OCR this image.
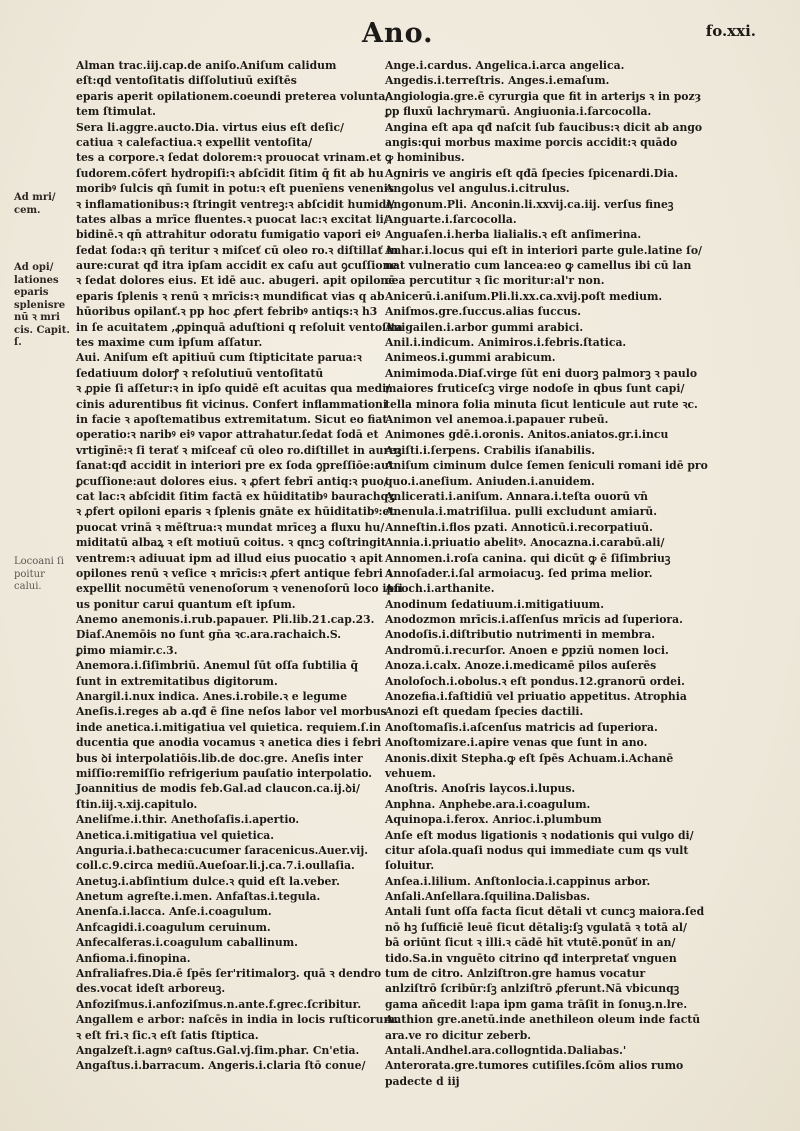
Ano.	fo.xxi.
Ad mri/ cem.
Ad opi/ lationes eparis splenisre nū ꝛ mri cis. Capit. ſ.
Locoani ſi poitur calui.
Alman trac.iij.cap.de aniſo.Aniſum calidum
eſt:qd ventoſitatis diſſolutiuū exiſtēs
eparis aperit opilationem.coeundi preterea volunta/
tem ſtimulat.
Sera li.aggre.aucto.Dia. virtus eius eſt deſic/
catiua ꝛ calefactiua.ꝛ expellit ventoſita/
tes a corpore.ꝛ ſedat dolorem:ꝛ prouocat vrinam.et
ſudorem.cōfert hydropiſi:ꝛ abſcīdit ſitim q̄ fit ab hu
moribꝰ ſulcis qn̄ ſumit in potu:ꝛ eſt puenīens venenis
ꝛ inflamationibus:ꝛ ſtringit ventreꝫ:ꝛ abſcidit humidi/
tates albas a mrīce fluentes.ꝛ puocat lac:ꝛ excitat li/
bidinē.ꝛ qn̄ attrahitur odoratu fumigatio vapori eiꝰ
ſedat ſoda:ꝛ qn̄ teritur ꝛ miſceť cū oleo ro.ꝛ diſtillať in
aure:curat qđ itra ipſam accidit ex caſu aut ꝯcuſſione
ꝛ ſedat dolores eius. Et idē auc. abugeri. apit opilonē
eparis ſplenis ꝛ renū ꝛ mrīcis:ꝛ mundificat vias q ab
hūoribus opilanť.ꝛ pp hoc ꝓfert febribꝰ antiqs:ꝛ h3
in ſe acuitatem ,ꝓpinquā aduſtioni q reſoluit ventoſita
tes maxime cum ipſum aſſatur.
Aui. Aniſum eſt apitiuū cum ſtipticitate parua:ꝛ
ſedatiuum dolorꝭ ꝛ reſolutiuū ventoſitatū
ꝛ ꝓpie ſi aſſetur:ꝛ in ipſo quidē eſt acuitas qua medi/
cinis adurentibus fit vicinus. Confert inflammationi
in facie ꝛ apoſtematibus extremitatum. Sicut eo fiat
operatio:ꝛ naribꝰ eiꝰ vapor attrahatur.ſedat ſodā et
vrtigīnē:ꝛ ſi terať ꝛ miſceaf cū oleo ro.diſtillet in aureꝫ
ſanat:qđ accidit in interiori pre ex ſoda ꝯpreſſiōe:aut
ꝑcuſſione:aut dolores eius. ꝛ ꝓfert febrī antiq:ꝛ puo/
cat lac:ꝛ abſcidit ſitim factā ex hūiditatibꝰ baurachqʒ
ꝛ ꝓfert opiloni eparis ꝛ ſplenis gnāte ex hūiditatibꝰ:et
puocat vrinā ꝛ mēſtrua:ꝛ mundat mrīceꝫ a fluxu hu/
miditatū albaꝝ ꝛ eſt motiuū coitus. ꝛ qncꝫ coſtringit
ventrem:ꝛ adiuuat ipm ad illud eius puocatio ꝛ apit
opilones renū ꝛ veſice ꝛ mrīcis:ꝛ ꝓfert antique febri ꝛ
expellit nocumētū venenoſorum ꝛ venenoſorū loco ipſi
us ponitur carui quantum eſt ipſum.
Anemo anemonis.i.rub.papauer. Pli.lib.21.cap.23.
Diaſ.Anemōis no ſunt gn̄a ꝛc.ara.rachaich.S.
ꝑimo miamir.c.3.
Anemora.i.ſiſimbriū. Anemul ſūt oſſa ſubtilia q̄
ſunt in extremitatibus digitorum.
Anargil.i.nux indica. Anes.i.robile.ꝛ e legume
Aneſis.i.reges ab a.qđ ē ſine neſos labor vel morbus
inde anetica.i.mitigatiua vel quietica. requiem.ſ.in
ducentia que anodia vocamus ꝛ anetica dies i febri
bus ꝺi interpolatiōis.lib.de doc.gre. Aneſis inter
miſſio:remiſſio refrigerium pauſatio interpolatio.
Joannitius de modis feb.Gal.ad claucon.ca.ij.ꝺi/
ſtin.iij.ꝛ.xij.capitulo.
Aneliſme.i.thir. Anethoſaſis.i.apertio.
Anetica.i.mitigatiua vel quietica.
Anguria.i.batheca:cucumer ſaracenicus.Auer.vij.
coll.c.9.circa mediū.Aueſoar.li.j.ca.7.i.oullaſia.
Anetuꝫ.i.abſintium dulce.ꝛ quid eſt la.veber.
Anetum agreſte.i.men. Anfaſtas.i.tegula.
Anenſa.i.lacca. Anſe.i.coagulum.
Anfcagidi.i.coagulum ceruinum.
Anfecalferas.i.coagulum caballinum.
Anfioma.i.finopina.
Anfraliafres.Dia.ē ſpēs ſer'ritimalorꝫ. quā ꝛ dendro
des.vocat ideſt arboreuꝫ.
Anfoziſmus.i.anfoziſmus.n.ante.f.grec.ſcribitur.
Angallem e arbor: naſcēs in india in locis ruſticorum.
ꝛ eſt fri.ꝛ ſic.ꝛ eſt ſatis ſtiptica.
Angalzeſt.i.agnꝰ caſtus.Gal.vj.ſim.phar. Cn'etia.
Angaſtus.i.barracum. Angeris.i.claria ſtō conue/
Ange.i.cardus. Angelica.i.arca angelica.
Angedis.i.terreſtris. Anges.i.emaſum.
Angiologia.gre.ē cyrurgia que fit in arteriȷs ꝛ in pozȝ
ꝑp fluxū lachrymarū. Angiuonia.i.ſarcocolla.
Angina eſt apa qđ naſcit ſub faucibus:ꝛ dicit ab ango
angis:qui morbus maxime porcis accidit:ꝛ quādo
ꝙ hominibus.
Agniris ve angiris eſt qđā ſpecies ſpicenardi.Dia.
Angolus vel angulus.i.citrulus.
Angonum.Pli. Anconin.li.xxvij.ca.iij. verſus fineꝫ
Anguarte.i.ſarcocolla.
Anguaſen.i.herba lialialis.ꝛ eſt anſimerina.
Anhar.i.locus qui eſt in interiori parte gule.latine ſo/
nat vulneratio cum lancea:eo ꝙ camellus ibi cū lan
cea percutitur ꝛ ſic moritur:al'r non.
Anicerū.i.aniſum.Pli.li.xx.ca.xvij.poſt medium.
Aniſmos.gre.ſuccus.alias ſuccus.
Anigailen.i.arbor gummi arabici.
Anil.i.indicum. Animiros.i.febris.ſtatica.
Animeos.i.gummi arabicum.
Animimoda.Diaſ.virge ſūt eni duorꝫ palmorꝫ ꝛ paulo
maiores fruticeſcꝫ virge nodoſe in qbus ſunt capi/
tella minora folia minuta ſicut lenticule aut rute ꝛc.
Animon vel anemoa.i.papauer rubeū.
Animones gdē.i.oronis. Anitos.aniatos.gr.i.incu
Aniſti.i.ſerpens. Crabilis iſanabilis.
Aniſum ciminum dulce ſemen ſeniculi romani idē pro
quo.i.aneſium. Aniuden.i.anuidem.
Anlicerati.i.aniſum. Annara.i.teſta ouorū vn̄
Anenula.i.matriſilua. pulli excludunt amiarū.
Anneſtin.i.flos pzati. Annoticū.i.recorpatiuū.
Annia.i.priuatio abelitꝰ. Anocazna.i.carabū.ali/
Annomen.i.roſa canina. qui dicūt ꝙ ē ſiſimbriuꝫ
Annoſader.i.ſal armoiacuꝫ. ſed prima melior.
Anoch.i.arthanite.
Anodinum ſedatiuum.i.mitigatiuum.
Anodozmon mrīcis.i.aſſenſus mrīcis ad ſuperiora.
Anodoſis.i.diſtributio nutrimenti in membra.
Andromū.i.recurſor. Anoen e ꝑpziū nomen loci.
Anoza.i.calx. Anoze.i.medicamē pilos auſerēs
Anoloſoch.i.obolus.ꝛ eſt pondus.12.granorū ordei.
Anozefia.i.faſtidiū vel priuatio appetitus. Atrophia
Anozi eſt quedam ſpecies dactili.
Anoſtomaſis.i.aſcenſus matricis ad ſuperiora.
Anoſtomizare.i.apire venas que ſunt in ano.
Anonis.dixit Stepha.ꝙ eſt ſpēs Achuam.i.Achanē
vehuem.
Anoſtris. Anoſris laycos.i.lupus.
Anphna. Anphebe.ara.i.coagulum.
Aquinopa.i.ferox. Anrioc.i.plumbum
Anſe eſt modus ligationis ꝛ nodationis qui vulgo di/
citur aſola.quaſi nodus qui immediate cum qs vult
ſoluitur.
Anſea.i.lilium. Anſtonlocia.i.cappinus arbor.
Anſali.Anſellara.ſquilina.Dalisbas.
Antali ſunt oſſa facta ſicut dētali vt cuncꝫ maiora.ſed
nō hꝫ ſuſficiē leuē ſicut dētaliꝫ:ſꝫ vgulatā ꝛ totā al/
bā oriūnt ſicut ꝛ illi.ꝛ cādē hīt vtutē.ponūť in an/
tido.Sa.in vnguēto citrino qđ interpretať vnguen
tum de citro. Anlziſtron.gre hamus vocatur
anlziſtrō ſcribūr:ſꝫ anlziſtrō ꝓferunt.Nā vbicunqꝫ
gama añcedit l:apa ipm gama trāſit in ſonuꝫ.n.lre.
Anthion gre.anetū.inde anethileon oleum inde factū
ara.ve ro dicitur zeberb.
Antali.Andhel.ara.collogntida.Daliabas.'
Anterorata.gre.tumores cutiſiles.ſcōm alios rumo
padecte d iij
